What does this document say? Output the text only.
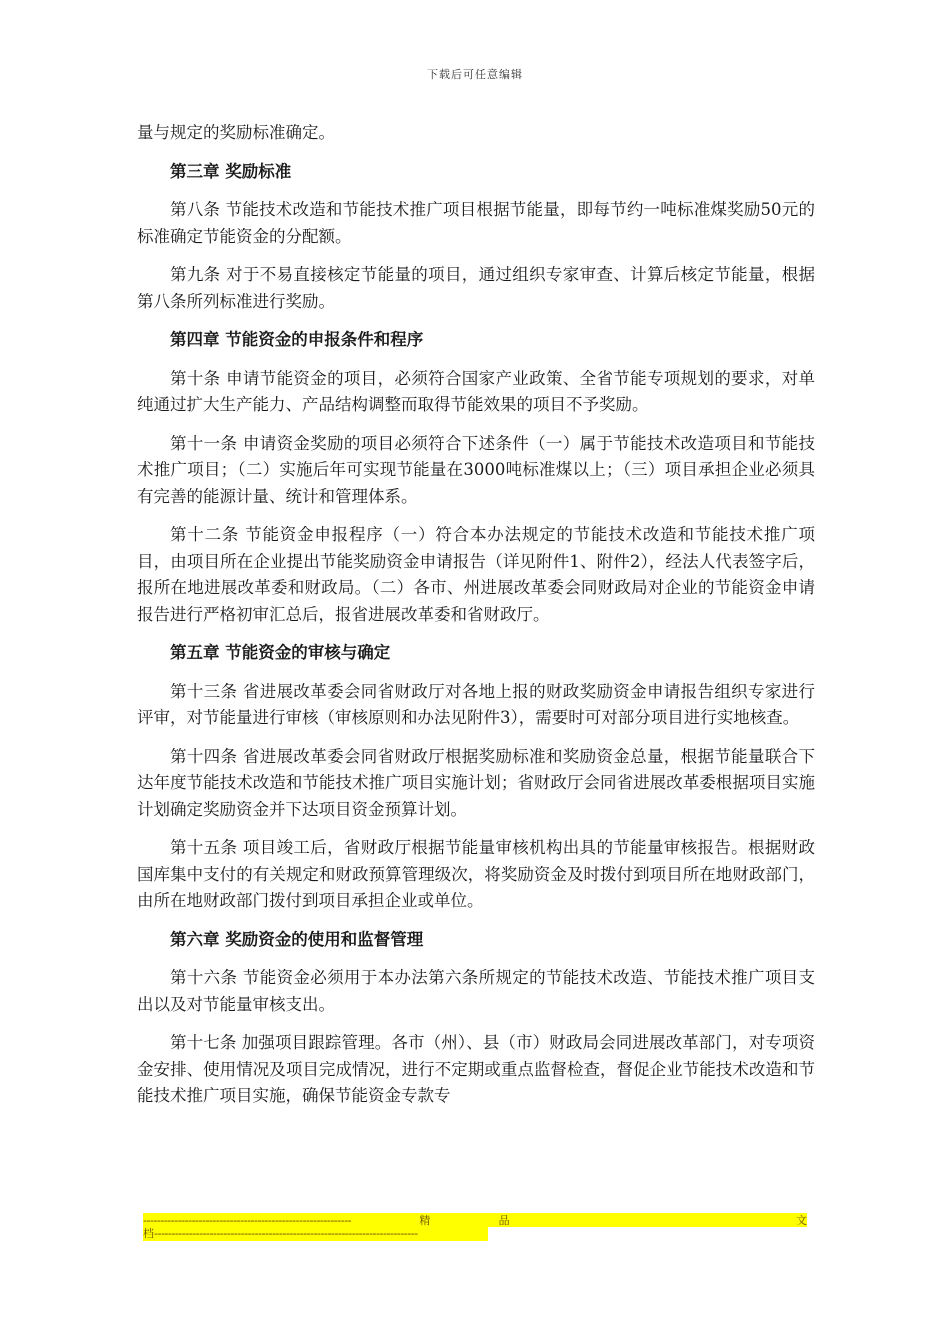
下载后可任意编辑

量与规定的奖励标准确定。

第三章 奖励标准

第八条 节能技术改造和节能技术推广项目根据节能量，即每节约一吨标准煤奖励50元的标准确定节能资金的分配额。

第九条 对于不易直接核定节能量的项目，通过组织专家审查、计算后核定节能量，根据第八条所列标准进行奖励。

第四章 节能资金的申报条件和程序

第十条 申请节能资金的项目，必须符合国家产业政策、全省节能专项规划的要求，对单纯通过扩大生产能力、产品结构调整而取得节能效果的项目不予奖励。

第十一条 申请资金奖励的项目必须符合下述条件（一）属于节能技术改造项目和节能技术推广项目；（二）实施后年可实现节能量在3000吨标准煤以上；（三）项目承担企业必须具有完善的能源计量、统计和管理体系。

第十二条 节能资金申报程序（一）符合本办法规定的节能技术改造和节能技术推广项目，由项目所在企业提出节能奖励资金申请报告（详见附件1、附件2），经法人代表签字后，报所在地进展改革委和财政局。（二）各市、州进展改革委会同财政局对企业的节能资金申请报告进行严格初审汇总后，报省进展改革委和省财政厅。

第五章 节能资金的审核与确定

第十三条 省进展改革委会同省财政厅对各地上报的财政奖励资金申请报告组织专家进行评审，对节能量进行审核（审核原则和办法见附件3），需要时可对部分项目进行实地核查。

第十四条 省进展改革委会同省财政厅根据奖励标准和奖励资金总量，根据节能量联合下达年度节能技术改造和节能技术推广项目实施计划；省财政厅会同省进展改革委根据项目实施计划确定奖励资金并下达项目资金预算计划。

第十五条 项目竣工后，省财政厅根据节能量审核机构出具的节能量审核报告。根据财政国库集中支付的有关规定和财政预算管理级次，将奖励资金及时拨付到项目所在地财政部门，由所在地财政部门拨付到项目承担企业或单位。

第六章 奖励资金的使用和监督管理

第十六条 节能资金必须用于本办法第六条所规定的节能技术改造、节能技术推广项目支出以及对节能量审核支出。

第十七条 加强项目跟踪管理。各市（州）、县（市）财政局会同进展改革部门，对专项资金安排、使用情况及项目完成情况，进行不定期或重点监督检查，督促企业节能技术改造和节能技术推广项目实施，确保节能资金专款专

------------------------------------------------------------	精	品	文
档----------------------------------------------------------------------------
